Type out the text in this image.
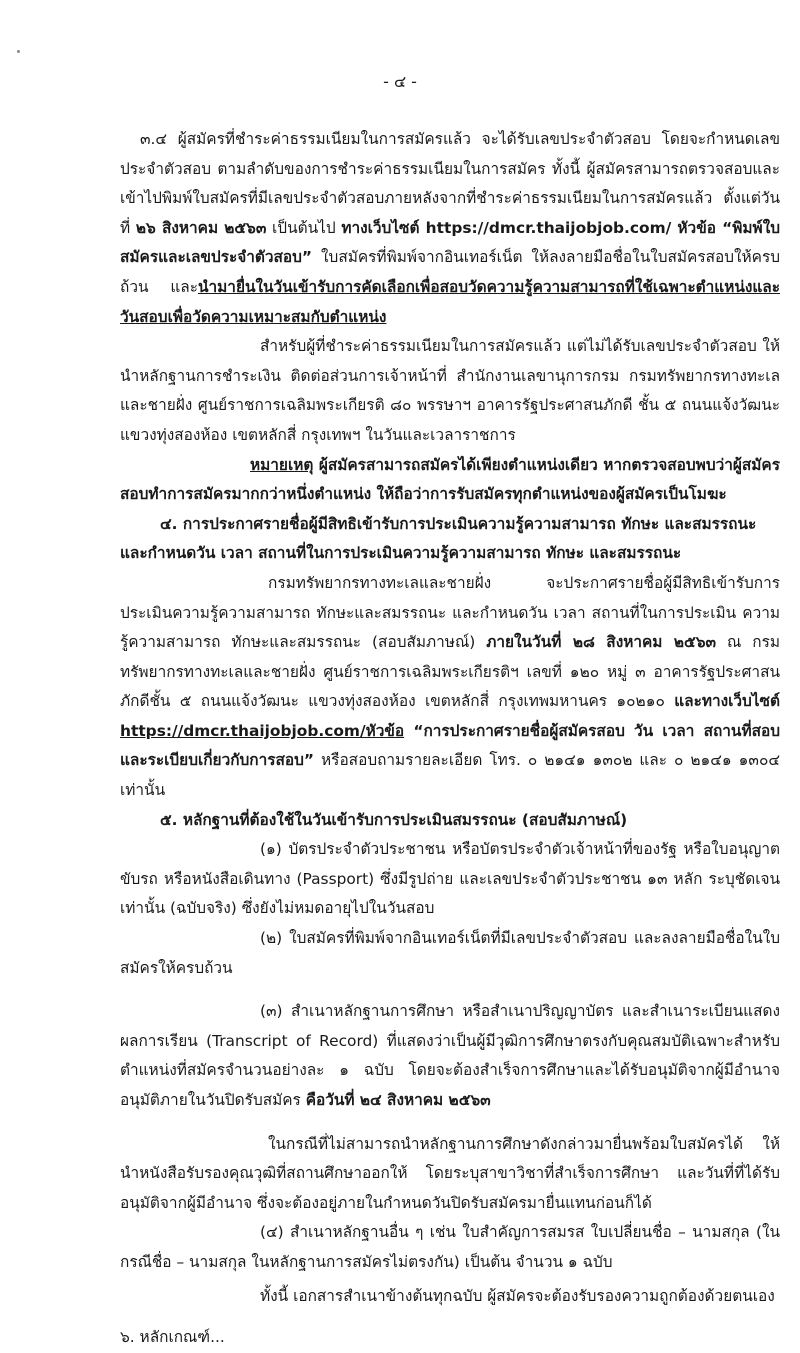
- ๔ -

๓.๔ ผู้สมัครที่ชำระค่าธรรมเนียมในการสมัครแล้ว จะได้รับเลขประจำตัวสอบ โดยจะกำหนดเลขประจำตัวสอบ ตามลำดับของการชำระค่าธรรมเนียมในการสมัคร ทั้งนี้ ผู้สมัครสามารถตรวจสอบและเข้าไปพิมพ์ใบสมัครที่มีเลขประจำตัวสอบภายหลังจากที่ชำระค่าธรรมเนียมในการสมัครแล้ว ตั้งแต่วันที่ ๒๖ สิงหาคม ๒๕๖๓ เป็นต้นไป ทางเว็บไซต์ https://dmcr.thaijobjob.com/ หัวข้อ “พิมพ์ใบสมัครและเลขประจำตัวสอบ” ใบสมัครที่พิมพ์จากอินเทอร์เน็ต ให้ลงลายมือชื่อในใบสมัครสอบให้ครบถ้วน และนำมายื่นในวันเข้ารับการคัดเลือกเพื่อสอบวัดความรู้ความสามารถที่ใช้เฉพาะตำแหน่งและวันสอบเพื่อวัดความเหมาะสมกับตำแหน่ง

สำหรับผู้ที่ชำระค่าธรรมเนียมในการสมัครแล้ว แต่ไม่ได้รับเลขประจำตัวสอบ ให้นำหลักฐานการชำระเงิน ติดต่อส่วนการเจ้าหน้าที่ สำนักงานเลขานุการกรม กรมทรัพยากรทางทะเลและชายฝั่ง ศูนย์ราชการเฉลิมพระเกียรติ ๘๐ พรรษาฯ อาคารรัฐประศาสนภักดี ชั้น ๕ ถนนแจ้งวัฒนะ แขวงทุ่งสองห้อง เขตหลักสี่ กรุงเทพฯ ในวันและเวลาราชการ

หมายเหตุ ผู้สมัครสามารถสมัครได้เพียงตำแหน่งเดียว หากตรวจสอบพบว่าผู้สมัครสอบทำการสมัครมากกว่าหนึ่งตำแหน่ง ให้ถือว่าการรับสมัครทุกตำแหน่งของผู้สมัครเป็นโมฆะ

๔. การประกาศรายชื่อผู้มีสิทธิเข้ารับการประเมินความรู้ความสามารถ ทักษะ และสมรรถนะ และกำหนดวัน เวลา สถานที่ในการประเมินความรู้ความสามารถ ทักษะ และสมรรถนะ

กรมทรัพยากรทางทะเลและชายฝั่ง จะประกาศรายชื่อผู้มีสิทธิเข้ารับการประเมินความรู้ความสามารถ ทักษะและสมรรถนะ และกำหนดวัน เวลา สถานที่ในการประเมิน ความรู้ความสามารถ ทักษะและสมรรถนะ (สอบสัมภาษณ์) ภายในวันที่ ๒๘ สิงหาคม ๒๕๖๓ ณ กรมทรัพยากรทางทะเลและชายฝั่ง ศูนย์ราชการเฉลิมพระเกียรติฯ เลขที่ ๑๒๐ หมู่ ๓ อาคารรัฐประศาสนภักดีชั้น ๕ ถนนแจ้งวัฒนะ แขวงทุ่งสองห้อง เขตหลักสี่ กรุงเทพมหานคร ๑๐๒๑๐ และทางเว็บไซต์ https://dmcr.thaijobjob.com/หัวข้อ “การประกาศรายชื่อผู้สมัครสอบ วัน เวลา สถานที่สอบและระเบียบเกี่ยวกับการสอบ” หรือสอบถามรายละเอียด โทร. ๐ ๒๑๔๑ ๑๓๐๒ และ ๐ ๒๑๔๑ ๑๓๐๔ เท่านั้น

๕. หลักฐานที่ต้องใช้ในวันเข้ารับการประเมินสมรรถนะ (สอบสัมภาษณ์)

(๑) บัตรประจำตัวประชาชน หรือบัตรประจำตัวเจ้าหน้าที่ของรัฐ หรือใบอนุญาตขับรถ หรือหนังสือเดินทาง (Passport) ซึ่งมีรูปถ่าย และเลขประจำตัวประชาชน ๑๓ หลัก ระบุชัดเจนเท่านั้น (ฉบับจริง) ซึ่งยังไม่หมดอายุไปในวันสอบ

(๒) ใบสมัครที่พิมพ์จากอินเทอร์เน็ตที่มีเลขประจำตัวสอบ และลงลายมือชื่อในใบสมัครให้ครบถ้วน

(๓) สำเนาหลักฐานการศึกษา หรือสำเนาปริญญาบัตร และสำเนาระเบียนแสดงผลการเรียน (Transcript of Record) ที่แสดงว่าเป็นผู้มีวุฒิการศึกษาตรงกับคุณสมบัติเฉพาะสำหรับตำแหน่งที่สมัครจำนวนอย่างละ ๑ ฉบับ โดยจะต้องสำเร็จการศึกษาและได้รับอนุมัติจากผู้มีอำนาจอนุมัติภายในวันปิดรับสมัคร คือวันที่ ๒๔ สิงหาคม ๒๕๖๓

ในกรณีที่ไม่สามารถนำหลักฐานการศึกษาดังกล่าวมายื่นพร้อมใบสมัครได้ ให้นำหนังสือรับรองคุณวุฒิที่สถานศึกษาออกให้ โดยระบุสาขาวิชาที่สำเร็จการศึกษา และวันที่ที่ได้รับอนุมัติจากผู้มีอำนาจ ซึ่งจะต้องอยู่ภายในกำหนดวันปิดรับสมัครมายื่นแทนก่อนก็ได้

(๔) สำเนาหลักฐานอื่น ๆ เช่น ใบสำคัญการสมรส ใบเปลี่ยนชื่อ – นามสกุล (ในกรณีชื่อ – นามสกุล ในหลักฐานการสมัครไม่ตรงกัน) เป็นต้น จำนวน ๑ ฉบับ

ทั้งนี้ เอกสารสำเนาข้างต้นทุกฉบับ ผู้สมัครจะต้องรับรองความถูกต้องด้วยตนเอง

๖. หลักเกณฑ์...
